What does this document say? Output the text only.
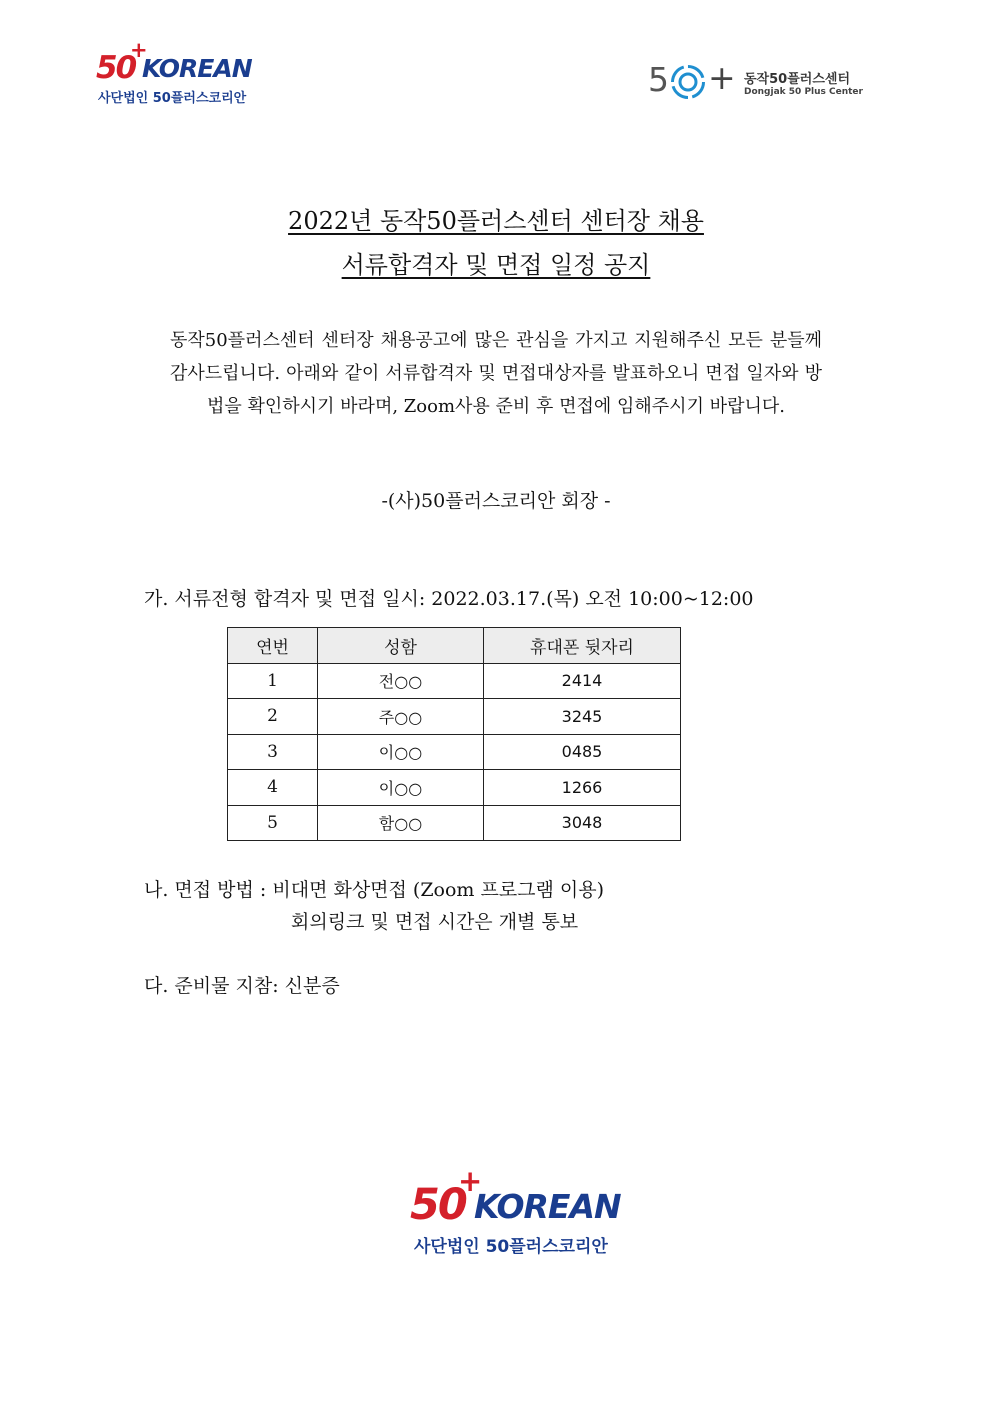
50
+
KOREAN
사단법인 50플러스코리안	5 + 동작50플러스센터
Dongjak 50 Plus Center
2022년 동작50플러스센터 센터장 채용
서류합격자 및 면접 일정 공지

동작50플러스센터 센터장 채용공고에 많은 관심을 가지고 지원해주신 모든 분들께 감사드립니다. 아래와 같이 서류합격자 및 면접대상자를 발표하오니 면접 일자와 방법을 확인하시기 바라며, Zoom사용 준비 후 면접에 임해주시기 바랍니다.

-(사)50플러스코리안 회장 -
가. 서류전형 합격자 및 면접 일시: 2022.03.17.(목) 오전 10:00~12:00
연번	성함	휴대폰 뒷자리
1	전○○	2414
2	주○○	3245
3	이○○	0485
4	이○○	1266
5	함○○	3048
나. 면접 방법 : 비대면 화상면접 (Zoom 프로그램 이용)
회의링크 및 면접 시간은 개별 통보
다. 준비물 지참: 신분증
50
+
KOREAN
사단법인 50플러스코리안
